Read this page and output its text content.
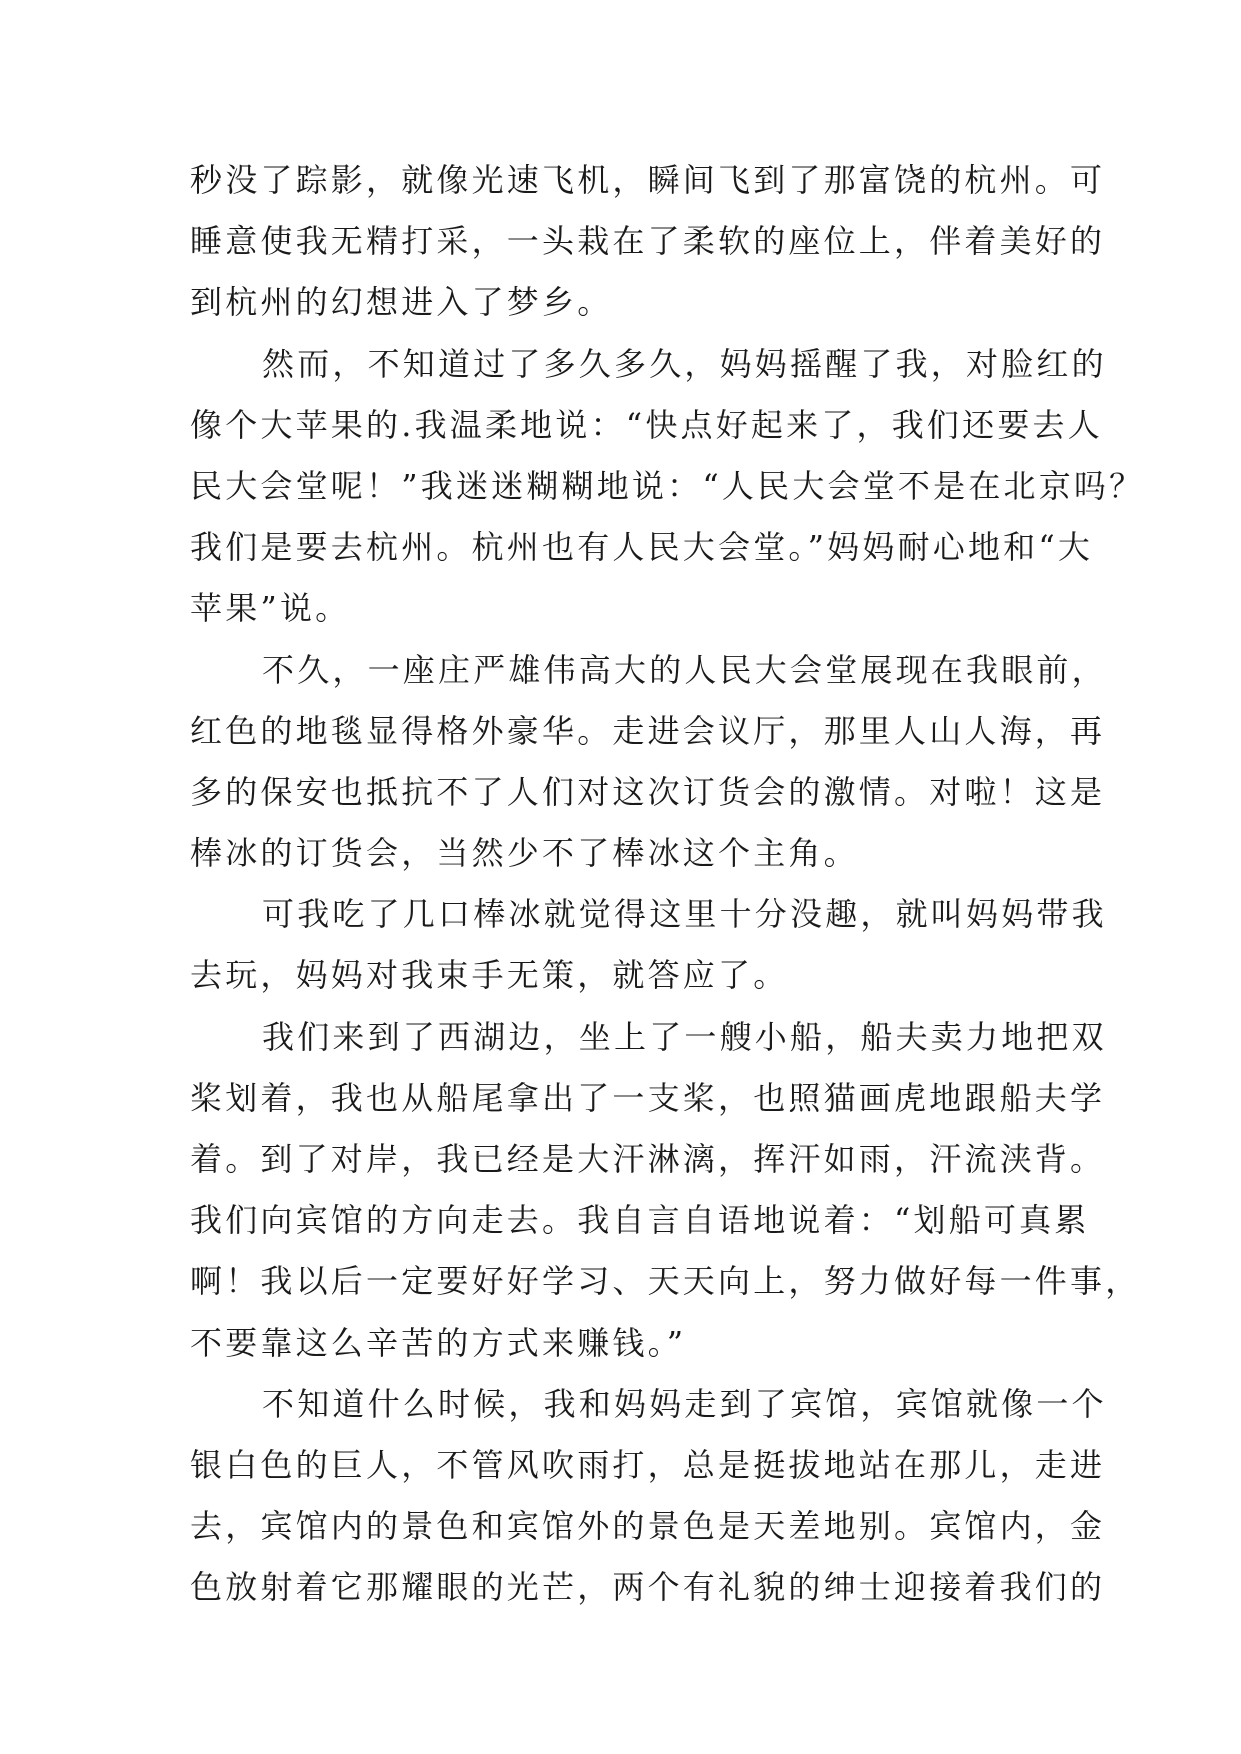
秒没了踪影，就像光速飞机，瞬间飞到了那富饶的杭州。可
睡意使我无精打采，一头栽在了柔软的座位上，伴着美好的
到杭州的幻想进入了梦乡。
然而，不知道过了多久多久，妈妈摇醒了我，对脸红的
像个大苹果的.我温柔地说：“快点好起来了，我们还要去人
民大会堂呢！”我迷迷糊糊地说：“人民大会堂不是在北京吗？
我们是要去杭州。杭州也有人民大会堂。”妈妈耐心地和“大
苹果”说。
不久，一座庄严雄伟高大的人民大会堂展现在我眼前，
红色的地毯显得格外豪华。走进会议厅，那里人山人海，再
多的保安也抵抗不了人们对这次订货会的激情。对啦！这是
棒冰的订货会，当然少不了棒冰这个主角。
可我吃了几口棒冰就觉得这里十分没趣，就叫妈妈带我
去玩，妈妈对我束手无策，就答应了。
我们来到了西湖边，坐上了一艘小船，船夫卖力地把双
桨划着，我也从船尾拿出了一支桨，也照猫画虎地跟船夫学
着。到了对岸，我已经是大汗淋漓，挥汗如雨，汗流浃背。
我们向宾馆的方向走去。我自言自语地说着：“划船可真累
啊！我以后一定要好好学习、天天向上，努力做好每一件事，
不要靠这么辛苦的方式来赚钱。”
不知道什么时候，我和妈妈走到了宾馆，宾馆就像一个
银白色的巨人，不管风吹雨打，总是挺拔地站在那儿，走进
去，宾馆内的景色和宾馆外的景色是天差地别。宾馆内，金
色放射着它那耀眼的光芒，两个有礼貌的绅士迎接着我们的
